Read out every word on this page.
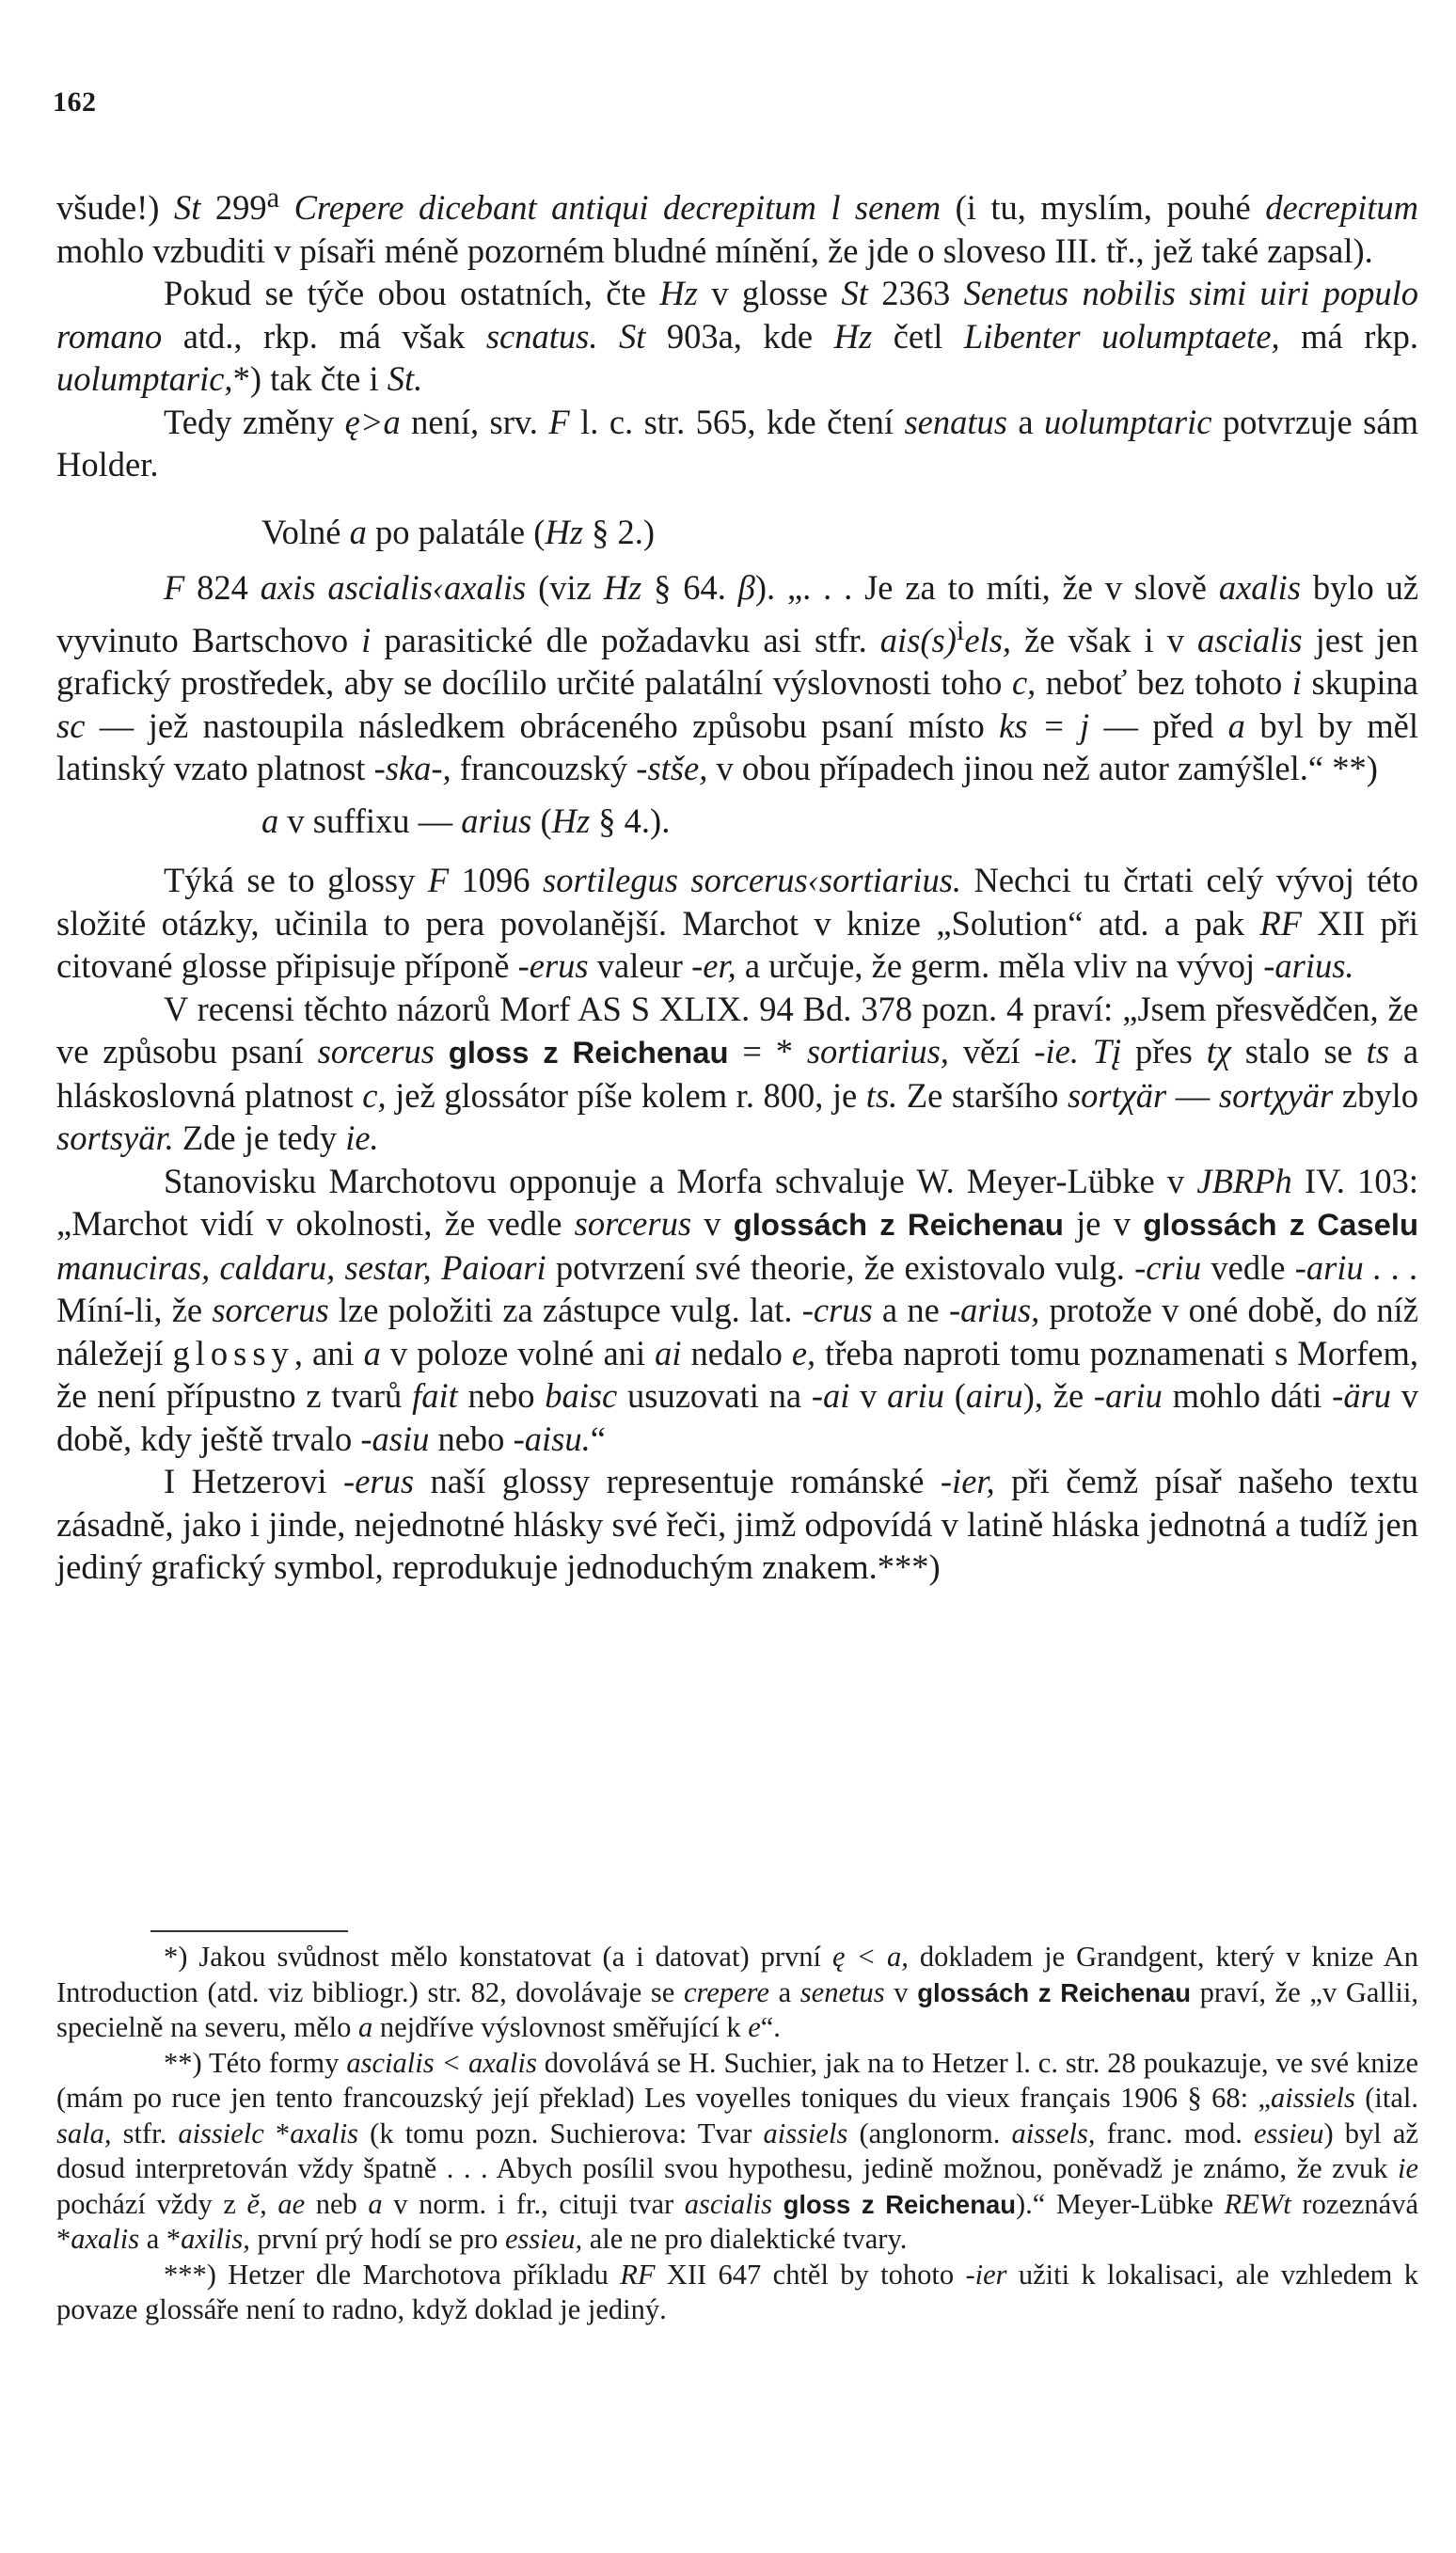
162

všude!) St 299$^a$ Crepere dicebant antiqui decrepitum l senem (i tu, myslím, pouhé decrepitum mohlo vzbuditi v písaři méně pozorném bludné mínění, že jde o sloveso III. tř., jež také zapsal).

Pokud se týče obou ostatních, čte Hz v glosse St 2363 Senetus nobilis simi uiri populo romano atd., rkp. má však scnatus. St 903a, kde Hz četl Libenter uolumptaete, má rkp. uolumptaric,*) tak čte i St.

Tedy změny ę>a není, srv. F l. c. str. 565, kde čtení senatus a uolumptaric potvrzuje sám Holder.

Volné a po palatále (Hz § 2.)

F 824 axis ascialis‹axalis (viz Hz § 64. β). „. . . Je za to míti, že v slově axalis bylo už vyvinuto Bartschovo i parasitické dle požadavku asi stfr. $ais(s)^iels$, že však i v ascialis jest jen grafický prostředek, aby se docílilo určité palatální výslovnosti toho c, neboť bez tohoto i skupina sc — jež nastoupila následkem obráceného způsobu psaní místo ks = j — před a byl by měl latinský vzato platnost -ska-, francouzský -stše, v obou případech jinou než autor zamýšlel.“ **)

a v suffixu — arius (Hz § 4.).

Týká se to glossy F 1096 sortilegus sorcerus‹sortiarius. Nechci tu črtati celý vývoj této složité otázky, učinila to pera povolanější. Marchot v knize „Solution“ atd. a pak RF XII při citované glosse připisuje příponě -erus valeur -er, a určuje, že germ. měla vliv na vývoj -arius.

V recensi těchto názorů Morf AS S XLIX. 94 Bd. 378 pozn. 4 praví: „Jsem přesvědčen, že ve způsobu psaní sorcerus gloss z Reichenau = * sortiarius, vězí -ie. Tį přes tχ stalo se ts a hláskoslovná platnost c, jež glossátor píše kolem r. 800, je ts. Ze staršího sortχär — sortχyär zbylo sortsyär. Zde je tedy ie.

Stanovisku Marchotovu opponuje a Morfa schvaluje W. Meyer-Lübke v JBRPh IV. 103: „Marchot vidí v okolnosti, že vedle sorcerus v glossách z Reichenau je v glossách z Caselu manuciras, caldaru, sestar, Paioari potvrzení své theorie, že existovalo vulg. -criu vedle -ariu . . . Míní-li, že sorcerus lze položiti za zástupce vulg. lat. -crus a ne -arius, protože v oné době, do níž náležejí glossy, ani a v poloze volné ani ai nedalo e, třeba naproti tomu poznamenati s Morfem, že není přípustno z tvarů fait nebo baisc usuzovati na -ai v ariu (airu), že -ariu mohlo dáti -äru v době, kdy ještě trvalo -asiu nebo -aisu.“

I Hetzerovi -erus naší glossy representuje románské -ier, při čemž písař našeho textu zásadně, jako i jinde, nejednotné hlásky své řeči, jimž odpovídá v latině hláska jednotná a tudíž jen jediný grafický symbol, reprodukuje jednoduchým znakem.***)

*) Jakou svůdnost mělo konstatovat (a i datovat) první ę < a, dokladem je Grandgent, který v knize An Introduction (atd. viz bibliogr.) str. 82, dovolávaje se crepere a senetus v glossách z Reichenau praví, že „v Gallii, specielně na severu, mělo a nejdříve výslovnost směřující k e“.

**) Této formy ascialis < axalis dovolává se H. Suchier, jak na to Hetzer l. c. str. 28 poukazuje, ve své knize (mám po ruce jen tento francouzský její překlad) Les voyelles toniques du vieux français 1906 § 68: „aissiels (ital. sala, stfr. aissielc *axalis (k tomu pozn. Suchierova: Tvar aissiels (anglonorm. aissels, franc. mod. essieu) byl až dosud interpretován vždy špatně . . . Abych posílil svou hypothesu, jedině možnou, poněvadž je známo, že zvuk ie pochází vždy z ĕ, ae neb a v norm. i fr., cituji tvar ascialis gloss z Reichenau).“ Meyer-Lübke REWt rozeznává *axalis a *axilis, první prý hodí se pro essieu, ale ne pro dialektické tvary.

***) Hetzer dle Marchotova příkladu RF XII 647 chtěl by tohoto -ier užiti k lokalisaci, ale vzhledem k povaze glossáře není to radno, když doklad je jediný.
